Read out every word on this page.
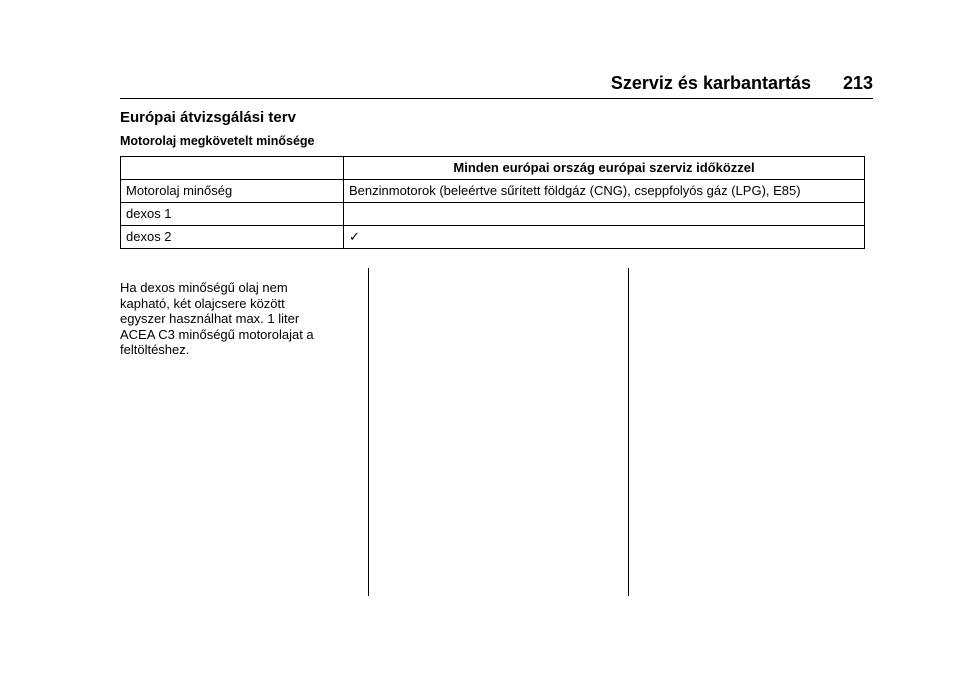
Szerviz és karbantartás 213
Európai átvizsgálási terv
Motorolaj megkövetelt minősége
	Minden európai ország európai szerviz időközzel
Motorolaj minőség	Benzinmotorok (beleértve sűrített földgáz (CNG), cseppfolyós gáz (LPG), E85)
dexos 1	
dexos 2	✓
Ha dexos minőségű olaj nem
kapható, két olajcsere között
egyszer használhat max. 1 liter
ACEA C3 minőségű motorolajat a
feltöltéshez.
